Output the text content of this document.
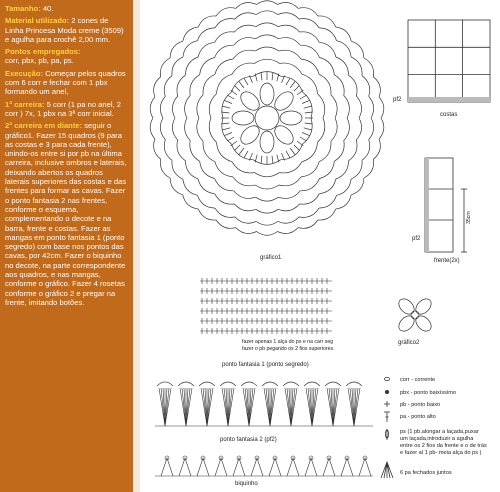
Tamanho: 40.

Material utilizado: 2 cones de Linha Princesa Moda creme (3509) e agulha para crochê 2,00 mm.

Pontos empregados:
corr, pbx, pb, pa, ps.

Execução: Começar pelos quadros com 6 corr e fechar com 1 pbx formando um anel,

1ª carreira: 5 corr (1 pa no anel, 2 corr ) 7x, 1 pbx na 3ª corr inicial.

2ª carreira em diante: seguir o gráfico1. Fazer 15 quadros (9 para as costas e 3 para cada frente), unindo-os entre si por pb na última carreira, inclusive ombros e laterais, deixando abertos os quadros laterais superiores das costas e das frentes para formar as cavas. Fazer o ponto fantasia 2 nas frentes, conforme o esquema, complementando o decote e na barra, frente e costas. Fazer as mangas em ponto fantasia 1 (ponto segredo) com base nos pontos das cavas, por 42cm. Fazer o biquinho no decote, na parte correspondente aos quadros, e nas mangas, conforme o gráfico. Fazer 4 rosetas conforme o gráfico 2 e pregar na frente, imitando botões.

gráfico1
pf2
costas
35cm
pf2
frente(2x)
gráfico2
fazer apenas 1 alça do ps e na carr seg
fazer o pb pegando os 2 fios superiores.
ponto fantasia 1 (ponto segredo)
ponto fantasia 2 (pf2)
biquinho
corr - corrente
pbx - ponto baixíssimo
pb - ponto baixo
pa - ponto alto
ps (1 pb,alongar a laçada,puxar
um laçada,introduzir a agulha
entre os 2 fios da frente e o de trás
e fazer al 1 pb- meia alça do ps )
6 pa fechados juntos
